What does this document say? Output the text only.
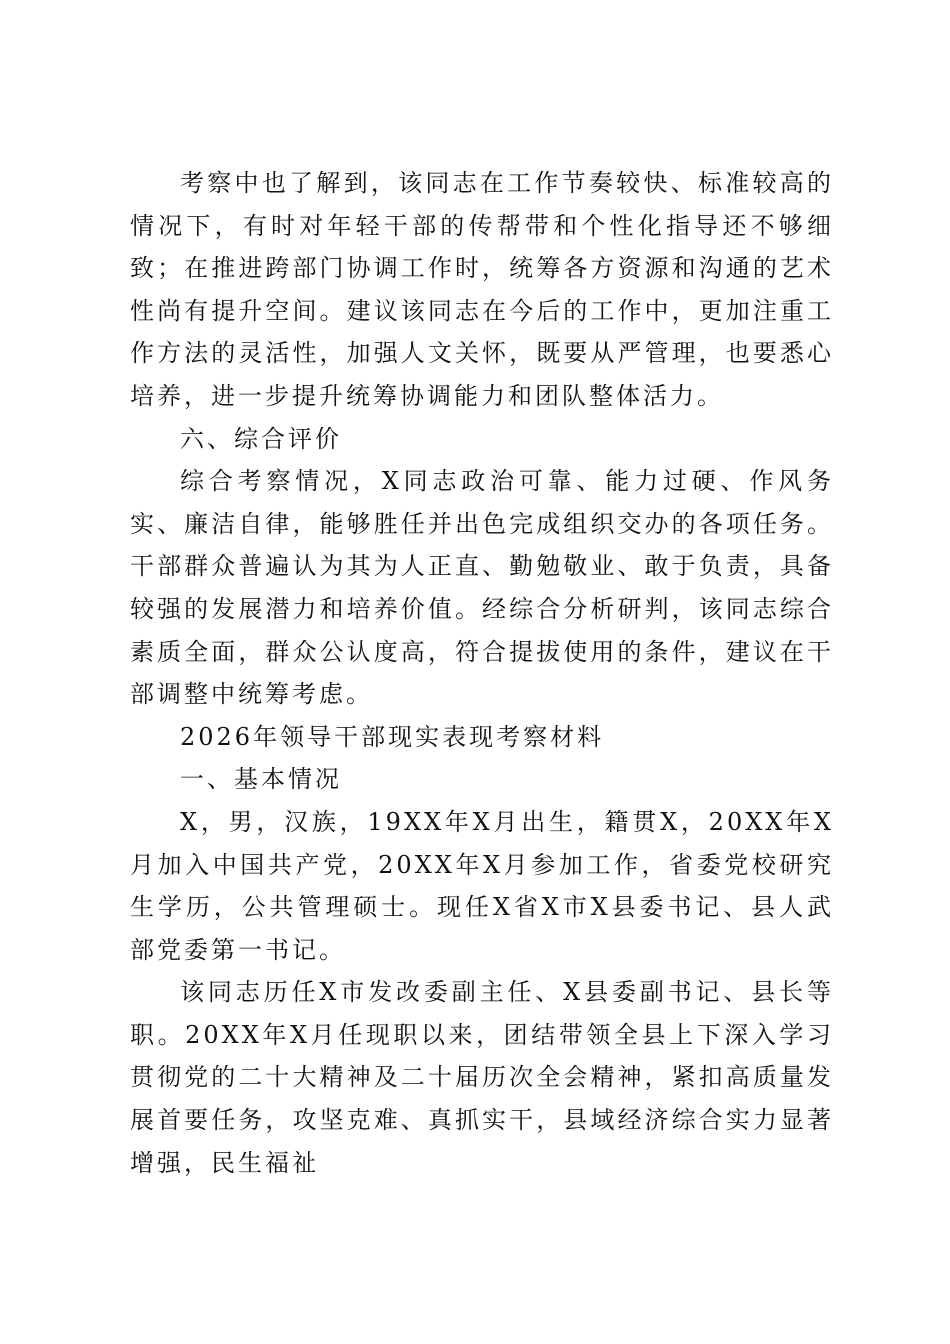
考察中也了解到，该同志在工作节奏较快、标准较高的情况下，有时对年轻干部的传帮带和个性化指导还不够细致；在推进跨部门协调工作时，统筹各方资源和沟通的艺术性尚有提升空间。建议该同志在今后的工作中，更加注重工作方法的灵活性，加强人文关怀，既要从严管理，也要悉心培养，进一步提升统筹协调能力和团队整体活力。

六、综合评价

综合考察情况，X同志政治可靠、能力过硬、作风务实、廉洁自律，能够胜任并出色完成组织交办的各项任务。干部群众普遍认为其为人正直、勤勉敬业、敢于负责，具备较强的发展潜力和培养价值。经综合分析研判，该同志综合素质全面，群众公认度高，符合提拔使用的条件，建议在干部调整中统筹考虑。

2026年领导干部现实表现考察材料

一、基本情况

X，男，汉族，19XX年X月出生，籍贯X，20XX年X月加入中国共产党，20XX年X月参加工作，省委党校研究生学历，公共管理硕士。现任X省X市X县委书记、县人武部党委第一书记。

该同志历任X市发改委副主任、X县委副书记、县长等职。20XX年X月任现职以来，团结带领全县上下深入学习贯彻党的二十大精神及二十届历次全会精神，紧扣高质量发展首要任务，攻坚克难、真抓实干，县域经济综合实力显著增强，民生福祉
